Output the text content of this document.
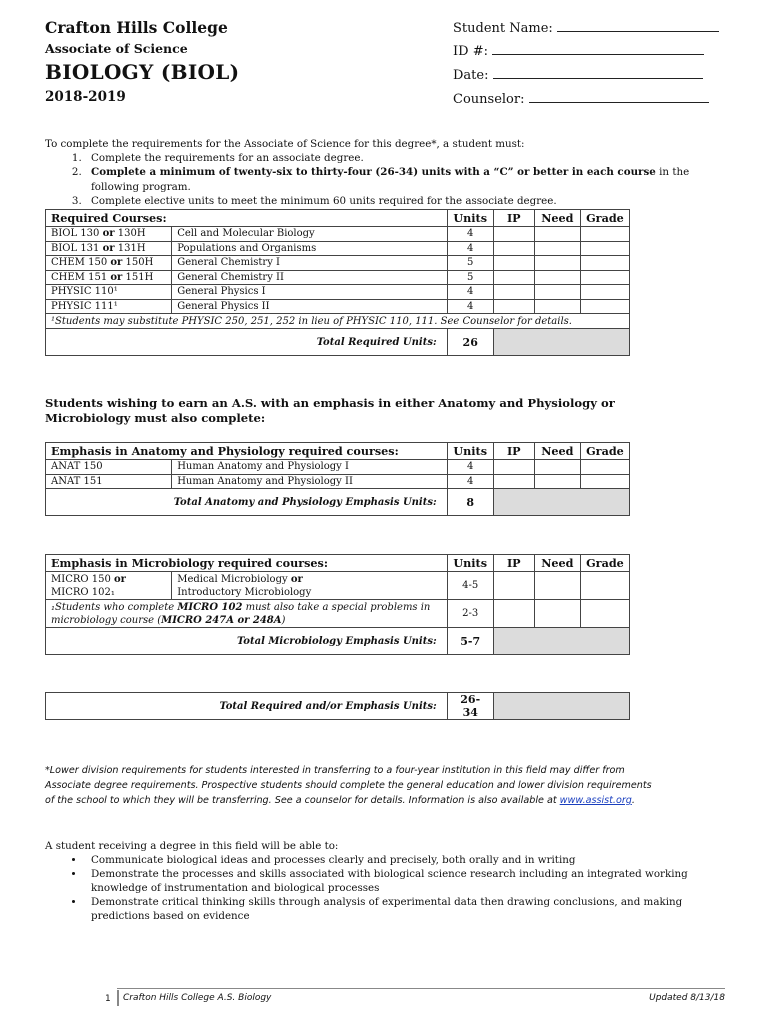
Crafton Hills College
Associate of Science
BIOLOGY (BIOL)
2018-2019
Student Name:
ID #:
Date:
Counselor:
To complete the requirements for the Associate of Science for this degree*, a student must:
1. Complete the requirements for an associate degree.
2. Complete a minimum of twenty-six to thirty-four (26-34) units with a “C” or better in each course in the following program.
3. Complete elective units to meet the minimum 60 units required for the associate degree.
Required Courses:		Units	IP	Need	Grade
BIOL 130 or 130H	Cell and Molecular Biology	4			
BIOL 131 or 131H	Populations and Organisms	4			
CHEM 150 or 150H	General Chemistry I	5			
CHEM 151 or 151H	General Chemistry II	5			
PHYSIC 110¹	General Physics I	4			
PHYSIC 111¹	General Physics II	4			
¹Students may substitute PHYSIC 250, 251, 252 in lieu of PHYSIC 110, 111. See Counselor for details.					
Total Required Units:		26			
Students wishing to earn an A.S. with an emphasis in either Anatomy and Physiology or Microbiology must also complete:
Emphasis in Anatomy and Physiology required courses:		Units	IP	Need	Grade
ANAT 150	Human Anatomy and Physiology I	4			
ANAT 151	Human Anatomy and Physiology II	4			
Total Anatomy and Physiology Emphasis Units:		8			
Emphasis in Microbiology required courses:		Units	IP	Need	Grade
MICRO 150 or
MICRO 102₁	Medical Microbiology or
Introductory Microbiology	4-5			
₁Students who complete MICRO 102 must also take a special problems in
microbiology course (MICRO 247A or 248A)		2-3			
Total Microbiology Emphasis Units:		5-7			
Total Required and/or Emphasis Units:	26-34	
*Lower division requirements for students interested in transferring to a four-year institution in this field may differ from
Associate degree requirements. Prospective students should complete the general education and lower division requirements
of the school to which they will be transferring. See a counselor for details. Information is also available at www.assist.org.
A student receiving a degree in this field will be able to:
• Communicate biological ideas and processes clearly and precisely, both orally and in writing
• Demonstrate the processes and skills associated with biological science research including an integrated working knowledge of instrumentation and biological processes
• Demonstrate critical thinking skills through analysis of experimental data then drawing conclusions, and making predictions based on evidence
1 Crafton Hills College A.S. Biology	Updated 8/13/18
